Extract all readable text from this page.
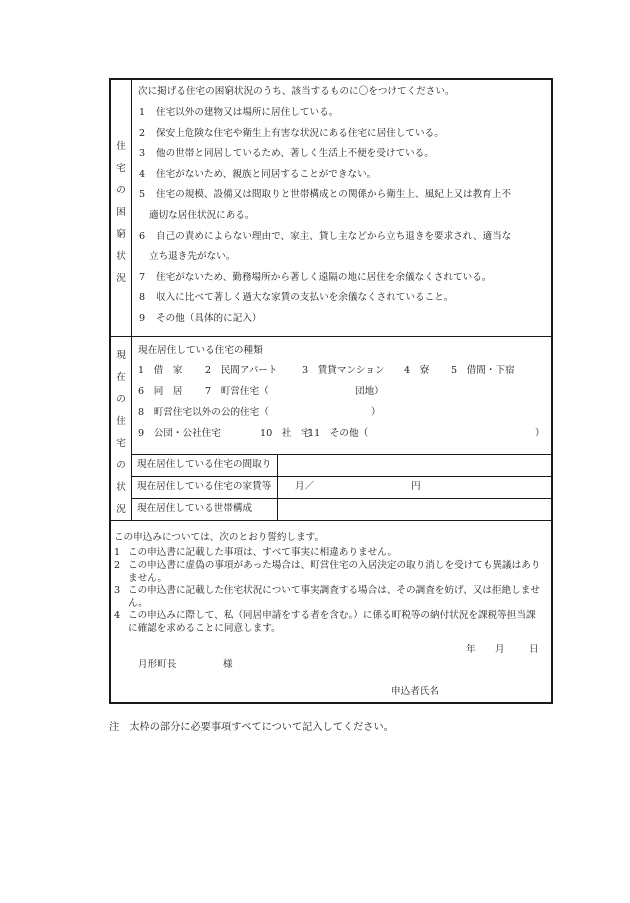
住
宅
の
困
窮
状
況
次に掲げる住宅の困窮状況のうち、該当するものに〇をつけてください。
1 住宅以外の建物又は場所に居住している。
2 保安上危険な住宅や衛生上有害な状況にある住宅に居住している。
3 他の世帯と同居しているため、著しく生活上不便を受けている。
4 住宅がないため、親族と同居することができない。
5 住宅の規模、設備又は間取りと世帯構成との関係から衛生上、風紀上又は教育上不
適切な居住状況にある。
6 自己の責めによらない理由で、家主、貸し主などから立ち退きを要求され、適当な
立ち退き先がない。
7 住宅がないため、勤務場所から著しく遠隔の地に居住を余儀なくされている。
8 収入に比べて著しく過大な家賃の支払いを余儀なくされていること。
9 その他（具体的に記入）
現
在
の
住
宅
の
状
況
現在居住している住宅の種類
1　借　家 2　民間アパート	3　賃貸マンション 4　寮 5　借間・下宿
6　同　居 7　町営住宅（	団地）
8　町営住宅以外の公的住宅（	）
9　公団・公社住宅	10　社　宅
11　その他（	）
現在居住している住宅の間取り
現在居住している住宅の家賃等 月／	円
現在居住している世帯構成
この申込みについては、次のとおり誓約します。
1 この申込書に記載した事項は、すべて事実に相違ありません。
2 この申込書に虚偽の事項があった場合は、町営住宅の入居決定の取り消しを受けても異議はありません。
3 この申込書に記載した住宅状況について事実調査する場合は、その調査を妨げ、又は拒絶しません。
4 この申込みに際して、私（同居申請をする者を含む。）に係る町税等の納付状況を課税等担当課に確認を求めることに同意します。
年 月	日
月形町長	様
申込者氏名
注　太枠の部分に必要事項すべてについて記入してください。
